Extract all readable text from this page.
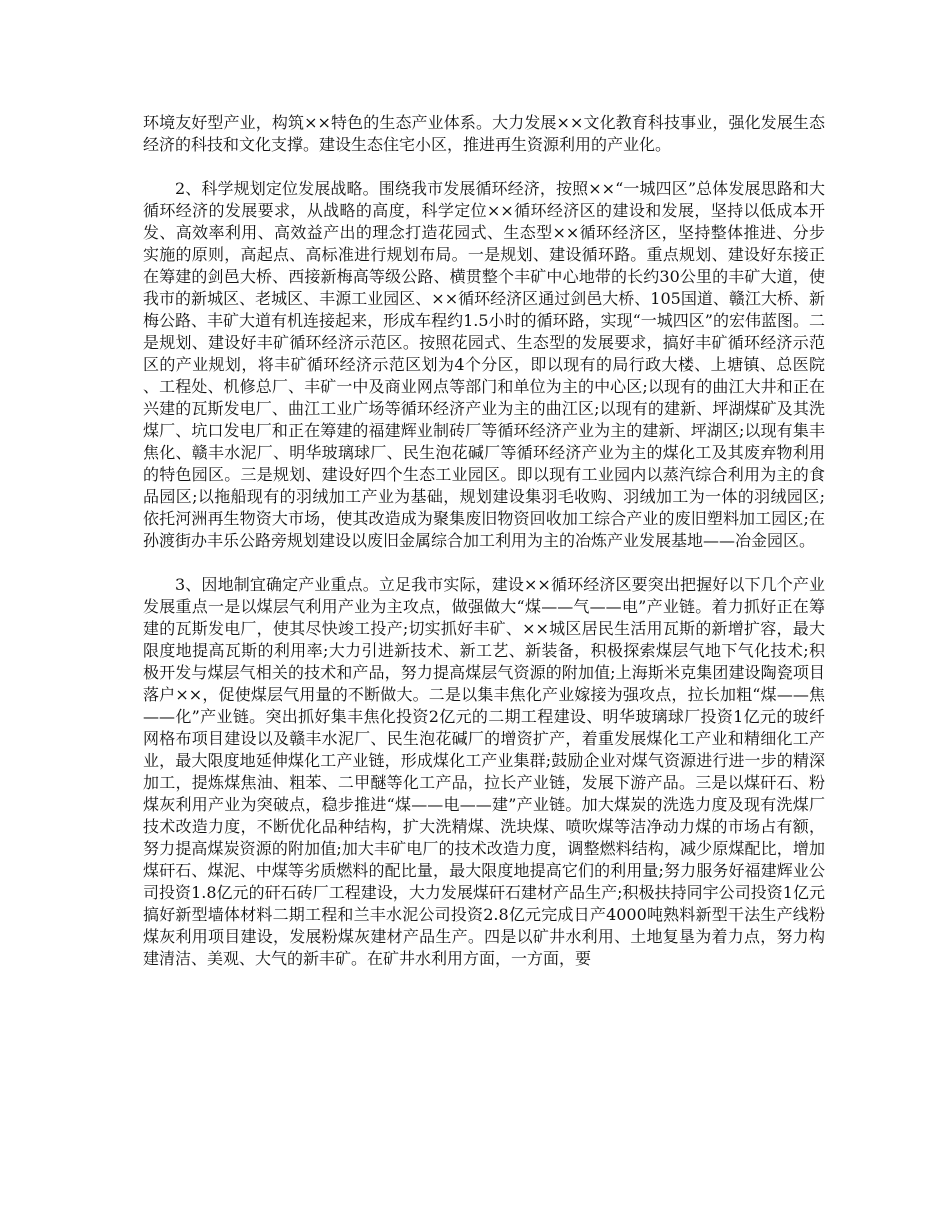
环境友好型产业，构筑××特色的生态产业体系。大力发展××文化教育科技事业，强化发展生态经济的科技和文化支撑。建设生态住宅小区，推进再生资源利用的产业化。

2、科学规划定位发展战略。围绕我市发展循环经济，按照××“一城四区”总体发展思路和大循环经济的发展要求，从战略的高度，科学定位××循环经济区的建设和发展，坚持以低成本开发、高效率利用、高效益产出的理念打造花园式、生态型××循环经济区，坚持整体推进、分步实施的原则，高起点、高标准进行规划布局。一是规划、建设循环路。重点规划、建设好东接正在筹建的剑邑大桥、西接新梅高等级公路、横贯整个丰矿中心地带的长约30公里的丰矿大道，使我市的新城区、老城区、丰源工业园区、××循环经济区通过剑邑大桥、105国道、赣江大桥、新梅公路、丰矿大道有机连接起来，形成车程约1.5小时的循环路，实现“一城四区”的宏伟蓝图。二是规划、建设好丰矿循环经济示范区。按照花园式、生态型的发展要求，搞好丰矿循环经济示范区的产业规划，将丰矿循环经济示范区划为4个分区，即以现有的局行政大楼、上塘镇、总医院、工程处、机修总厂、丰矿一中及商业网点等部门和单位为主的中心区;以现有的曲江大井和正在兴建的瓦斯发电厂、曲江工业广场等循环经济产业为主的曲江区;以现有的建新、坪湖煤矿及其洗煤厂、坑口发电厂和正在筹建的福建辉业制砖厂等循环经济产业为主的建新、坪湖区;以现有集丰焦化、赣丰水泥厂、明华玻璃球厂、民生泡花碱厂等循环经济产业为主的煤化工及其废弃物利用的特色园区。三是规划、建设好四个生态工业园区。即以现有工业园内以蒸汽综合利用为主的食品园区;以拖船现有的羽绒加工产业为基础，规划建设集羽毛收购、羽绒加工为一体的羽绒园区;依托河洲再生物资大市场，使其改造成为聚集废旧物资回收加工综合产业的废旧塑料加工园区;在孙渡街办丰乐公路旁规划建设以废旧金属综合加工利用为主的冶炼产业发展基地——冶金园区。

3、因地制宜确定产业重点。立足我市实际，建设××循环经济区要突出把握好以下几个产业发展重点一是以煤层气利用产业为主攻点，做强做大“煤——气——电”产业链。着力抓好正在筹建的瓦斯发电厂，使其尽快竣工投产;切实抓好丰矿、××城区居民生活用瓦斯的新增扩容，最大限度地提高瓦斯的利用率;大力引进新技术、新工艺、新装备，积极探索煤层气地下气化技术;积极开发与煤层气相关的技术和产品，努力提高煤层气资源的附加值;上海斯米克集团建设陶瓷项目落户××，促使煤层气用量的不断做大。二是以集丰焦化产业嫁接为强攻点，拉长加粗“煤——焦——化”产业链。突出抓好集丰焦化投资2亿元的二期工程建设、明华玻璃球厂投资1亿元的玻纤网格布项目建设以及赣丰水泥厂、民生泡花碱厂的增资扩产，着重发展煤化工产业和精细化工产业，最大限度地延伸煤化工产业链，形成煤化工产业集群;鼓励企业对煤气资源进行进一步的精深加工，提炼煤焦油、粗苯、二甲醚等化工产品，拉长产业链，发展下游产品。三是以煤矸石、粉煤灰利用产业为突破点，稳步推进“煤——电——建”产业链。加大煤炭的洗选力度及现有洗煤厂技术改造力度，不断优化品种结构，扩大洗精煤、洗块煤、喷吹煤等洁净动力煤的市场占有额，努力提高煤炭资源的附加值;加大丰矿电厂的技术改造力度，调整燃料结构，减少原煤配比，增加煤矸石、煤泥、中煤等劣质燃料的配比量，最大限度地提高它们的利用量;努力服务好福建辉业公司投资1.8亿元的矸石砖厂工程建设，大力发展煤矸石建材产品生产;积极扶持同宇公司投资1亿元搞好新型墙体材料二期工程和兰丰水泥公司投资2.8亿元完成日产4000吨熟料新型干法生产线粉煤灰利用项目建设，发展粉煤灰建材产品生产。四是以矿井水利用、土地复垦为着力点，努力构建清洁、美观、大气的新丰矿。在矿井水利用方面，一方面，要
